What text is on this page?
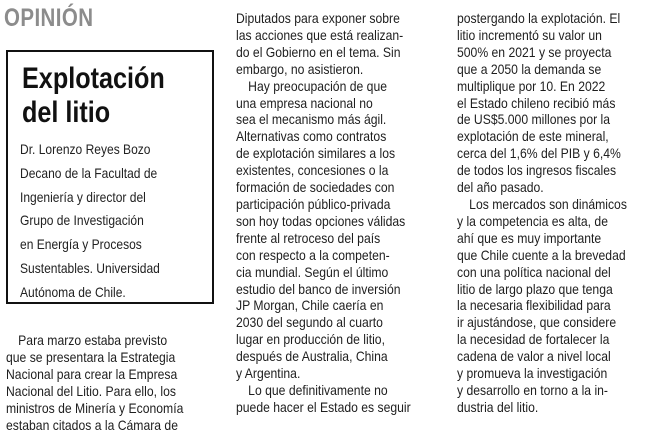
OPINIÓN
Explotación
del litio
Dr. Lorenzo Reyes Bozo
Decano de la Facultad de
Ingeniería y director del
Grupo de Investigación
en Energía y Procesos
Sustentables. Universidad
Autónoma de Chile.
Para marzo estaba previsto
que se presentara la Estrategia
Nacional para crear la Empresa
Nacional del Litio. Para ello, los
ministros de Minería y Economía
estaban citados a la Cámara de
Diputados para exponer sobre
las acciones que está realizan-
do el Gobierno en el tema. Sin
embargo, no asistieron.
Hay preocupación de que
una empresa nacional no
sea el mecanismo más ágil.
Alternativas como contratos
de explotación similares a los
existentes, concesiones o la
formación de sociedades con
participación público-privada
son hoy todas opciones válidas
frente al retroceso del país
con respecto a la competen-
cia mundial. Según el último
estudio del banco de inversión
JP Morgan, Chile caería en
2030 del segundo al cuarto
lugar en producción de litio,
después de Australia, China
y Argentina.
Lo que definitivamente no
puede hacer el Estado es seguir
postergando la explotación. El
litio incrementó su valor un
500% en 2021 y se proyecta
que a 2050 la demanda se
multiplique por 10. En 2022
el Estado chileno recibió más
de US$5.000 millones por la
explotación de este mineral,
cerca del 1,6% del PIB y 6,4%
de todos los ingresos fiscales
del año pasado.
Los mercados son dinámicos
y la competencia es alta, de
ahí que es muy importante
que Chile cuente a la brevedad
con una política nacional del
litio de largo plazo que tenga
la necesaria flexibilidad para
ir ajustándose, que considere
la necesidad de fortalecer la
cadena de valor a nivel local
y promueva la investigación
y desarrollo en torno a la in-
dustria del litio.
